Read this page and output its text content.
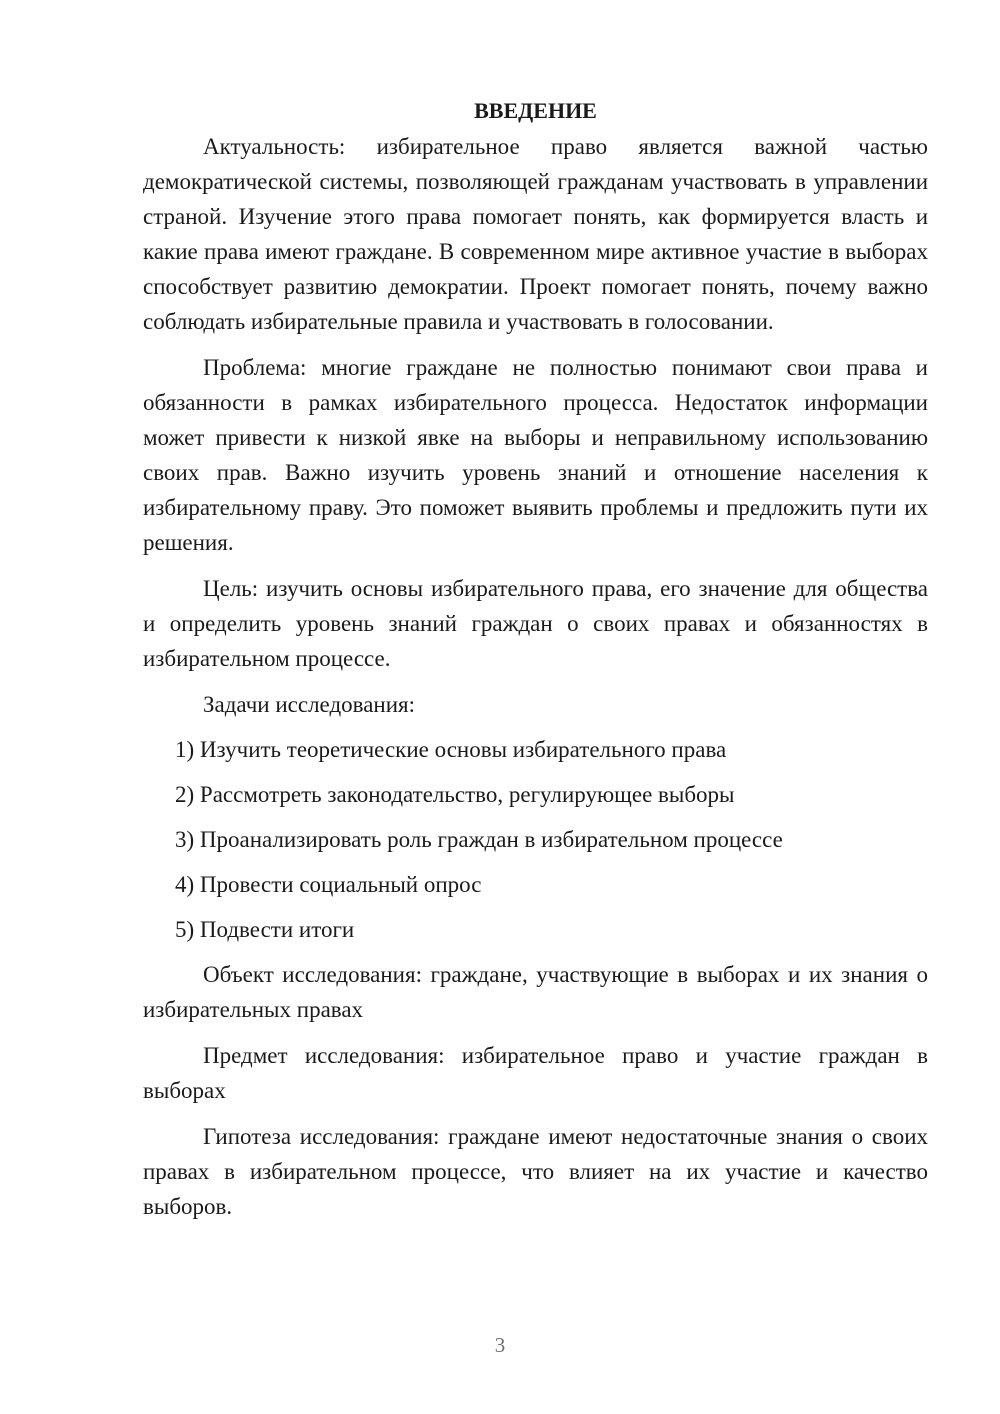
ВВЕДЕНИЕ

Актуальность: избирательное право является важной частью демократической системы, позволяющей гражданам участвовать в управлении страной. Изучение этого права помогает понять, как формируется власть и какие права имеют граждане. В современном мире активное участие в выборах способствует развитию демократии. Проект помогает понять, почему важно соблюдать избирательные правила и участвовать в голосовании.

Проблема: многие граждане не полностью понимают свои права и обязанности в рамках избирательного процесса. Недостаток информации может привести к низкой явке на выборы и неправильному использованию своих прав. Важно изучить уровень знаний и отношение населения к избирательному праву. Это поможет выявить проблемы и предложить пути их решения.

Цель: изучить основы избирательного права, его значение для общества и определить уровень знаний граждан о своих правах и обязанностях в избирательном процессе.

Задачи исследования:

1) Изучить теоретические основы избирательного права
2) Рассмотреть законодательство, регулирующее выборы
3) Проанализировать роль граждан в избирательном процессе
4) Провести социальный опрос
5) Подвести итоги

Объект исследования: граждане, участвующие в выборах и их знания о избирательных правах

Предмет исследования: избирательное право и участие граждан в выборах

Гипотеза исследования: граждане имеют недостаточные знания о своих правах в избирательном процессе, что влияет на их участие и качество выборов.

3
